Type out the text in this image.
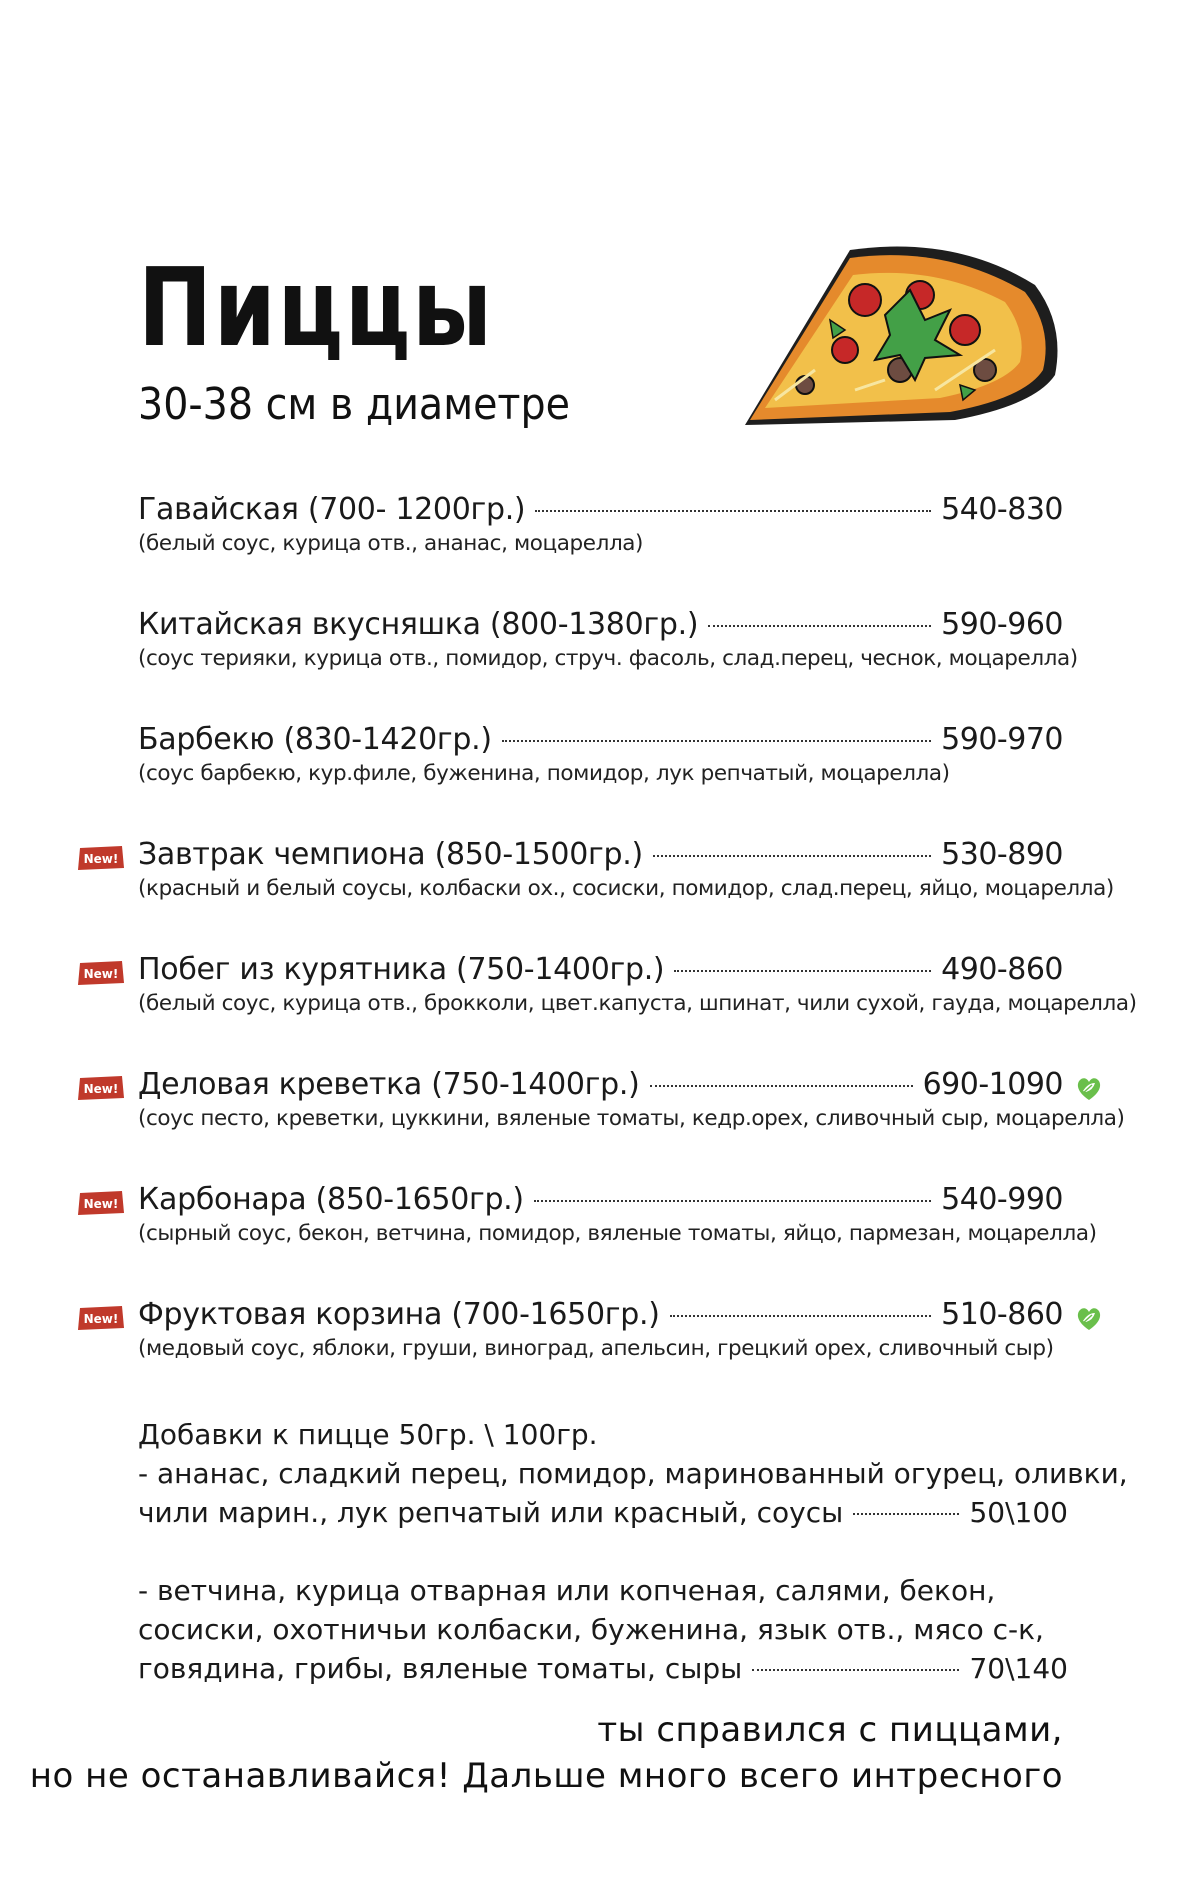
Пиццы
30-38 см в диаметре
Гавайская (700- 1200гр.)	540-830
(белый соус, курица отв., ананас, моцарелла)
Китайская вкусняшка (800-1380гр.)	590-960
(соус терияки, курица отв., помидор, струч. фасоль, слад.перец, чеснок, моцарелла)
Барбекю (830-1420гр.)	590-970
(соус барбекю, кур.филе, буженина, помидор, лук репчатый, моцарелла)
New! Завтрак чемпиона (850-1500гр.)	530-890
(красный и белый соусы, колбаски ох., сосиски, помидор, слад.перец, яйцо, моцарелла)
New! Побег из курятника (750-1400гр.)	490-860
(белый соус, курица отв., брокколи, цвет.капуста, шпинат, чили сухой, гауда, моцарелла)
New! Деловая креветка (750-1400гр.)	690-1090
(соус песто, креветки, цуккини, вяленые томаты, кедр.орех, сливочный сыр, моцарелла)
New! Карбонара (850-1650гр.)	540-990
(сырный соус, бекон, ветчина, помидор, вяленые томаты, яйцо, пармезан, моцарелла)
New! Фруктовая корзина (700-1650гр.)	510-860
(медовый соус, яблоки, груши, виноград, апельсин, грецкий орех, сливочный сыр)
Добавки к пицце 50гр. \ 100гр.
- ананас, сладкий перец, помидор, маринованный огурец, оливки,
чили марин., лук репчатый или красный, соусы	50\100
- ветчина, курица отварная или копченая, салями, бекон,
сосиски, охотничьи колбаски, буженина, язык отв., мясо с-к,
говядина, грибы, вяленые томаты, сыры	70\140
ты справился с пиццами,
но не останавливайся! Дальше много всего интресного
